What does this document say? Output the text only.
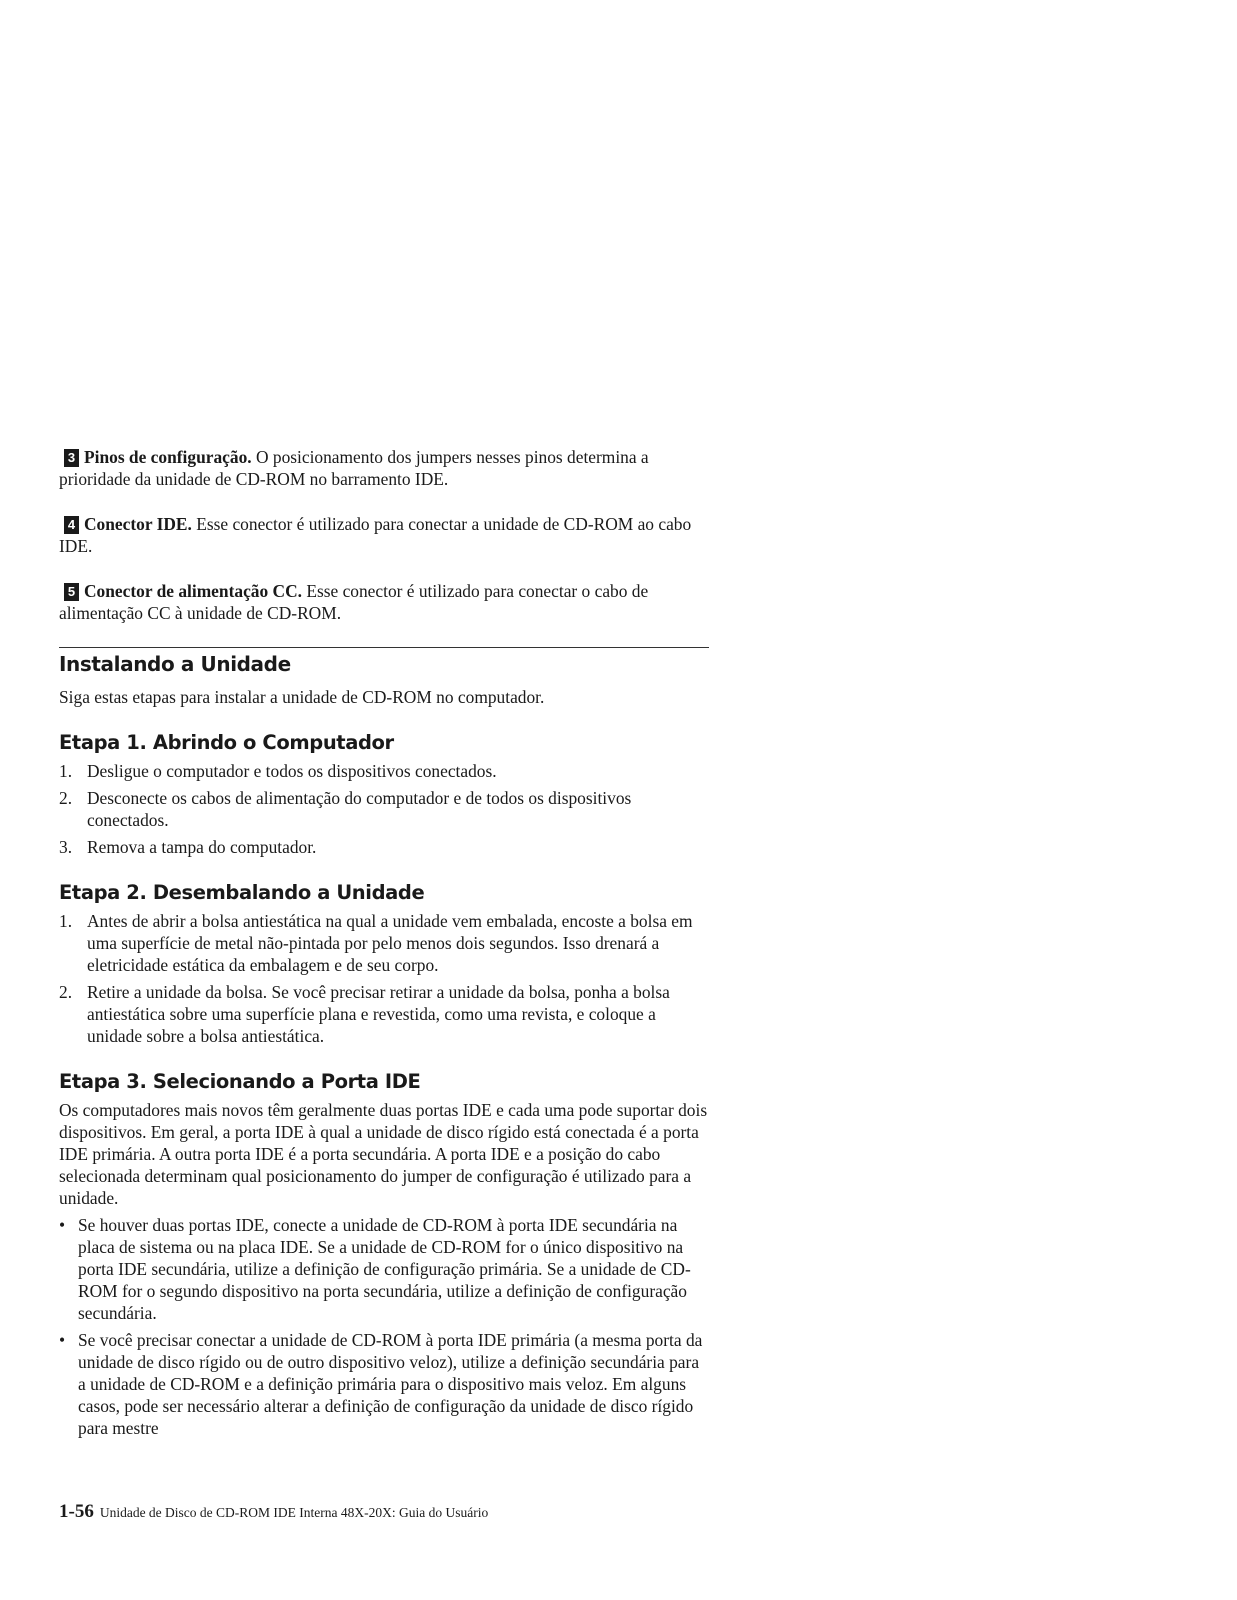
3 Pinos de configuração. O posicionamento dos jumpers nesses pinos determina a prioridade da unidade de CD-ROM no barramento IDE.

4 Conector IDE. Esse conector é utilizado para conectar a unidade de CD-ROM ao cabo IDE.

5 Conector de alimentação CC. Esse conector é utilizado para conectar o cabo de alimentação CC à unidade de CD-ROM.

Instalando a Unidade

Siga estas etapas para instalar a unidade de CD-ROM no computador.

Etapa 1. Abrindo o Computador
1. Desligue o computador e todos os dispositivos conectados.
2. Desconecte os cabos de alimentação do computador e de todos os dispositivos conectados.
3. Remova a tampa do computador.
Etapa 2. Desembalando a Unidade
1. Antes de abrir a bolsa antiestática na qual a unidade vem embalada, encoste a bolsa em uma superfície de metal não-pintada por pelo menos dois segundos. Isso drenará a eletricidade estática da embalagem e de seu corpo.
2. Retire a unidade da bolsa. Se você precisar retirar a unidade da bolsa, ponha a bolsa antiestática sobre uma superfície plana e revestida, como uma revista, e coloque a unidade sobre a bolsa antiestática.
Etapa 3. Selecionando a Porta IDE

Os computadores mais novos têm geralmente duas portas IDE e cada uma pode suportar dois dispositivos. Em geral, a porta IDE à qual a unidade de disco rígido está conectada é a porta IDE primária. A outra porta IDE é a porta secundária. A porta IDE e a posição do cabo selecionada determinam qual posicionamento do jumper de configuração é utilizado para a unidade.

• Se houver duas portas IDE, conecte a unidade de CD-ROM à porta IDE secundária na placa de sistema ou na placa IDE. Se a unidade de CD-ROM for o único dispositivo na porta IDE secundária, utilize a definição de configuração primária. Se a unidade de CD-ROM for o segundo dispositivo na porta secundária, utilize a definição de configuração secundária.
• Se você precisar conectar a unidade de CD-ROM à porta IDE primária (a mesma porta da unidade de disco rígido ou de outro dispositivo veloz), utilize a definição secundária para a unidade de CD-ROM e a definição primária para o dispositivo mais veloz. Em alguns casos, pode ser necessário alterar a definição de configuração da unidade de disco rígido para mestre
1-56 Unidade de Disco de CD-ROM IDE Interna 48X-20X: Guia do Usuário
